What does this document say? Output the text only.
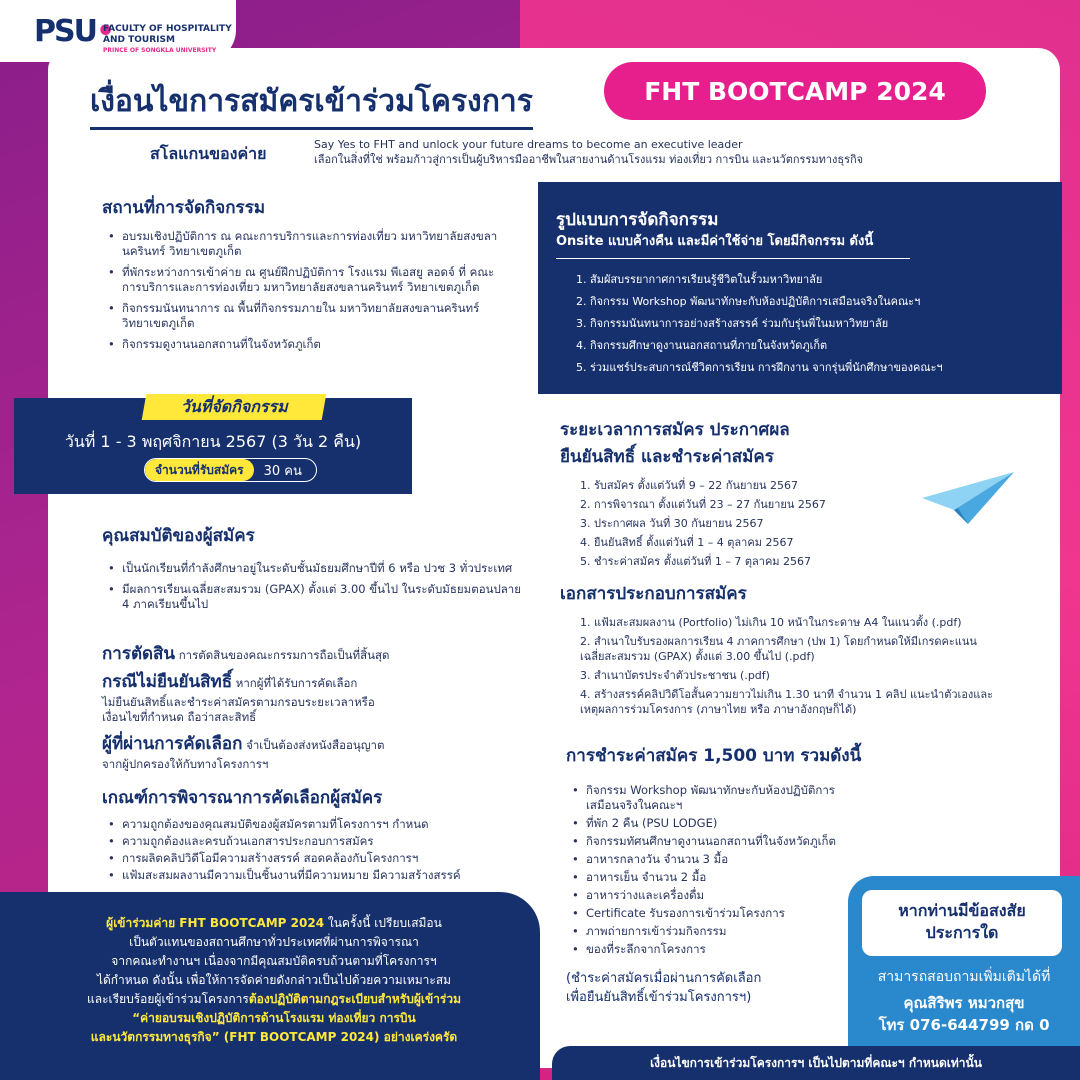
PSU•
FACULTY OF HOSPITALITY
AND TOURISM
PRINCE OF SONGKLA UNIVERSITY
เงื่อนไขการสมัครเข้าร่วมโครงการ	FHT BOOTCAMP 2024
สโลแกนของค่าย	Say Yes to FHT and unlock your future dreams to become an executive leader
เลือกในสิ่งที่ใช่ พร้อมก้าวสู่การเป็นผู้บริหารมืออาชีพในสายงานด้านโรงแรม ท่องเที่ยว การบิน และนวัตกรรมทางธุรกิจ
สถานที่การจัดกิจกรรม
• อบรมเชิงปฏิบัติการ ณ คณะการบริการและการท่องเที่ยว มหาวิทยาลัยสงขลานครินทร์ วิทยาเขตภูเก็ต
• ที่พักระหว่างการเข้าค่าย ณ ศูนย์ฝึกปฏิบัติการ โรงแรม พีเอสยู ลอดจ์ ที่ คณะการบริการและการท่องเที่ยว มหาวิทยาลัยสงขลานครินทร์ วิทยาเขตภูเก็ต
• กิจกรรมนันทนาการ ณ พื้นที่กิจกรรมภายใน มหาวิทยาลัยสงขลานครินทร์ วิทยาเขตภูเก็ต
• กิจกรรมดูงานนอกสถานที่ในจังหวัดภูเก็ต
รูปแบบการจัดกิจกรรม
Onsite แบบค้างคืน และมีค่าใช้จ่าย โดยมีกิจกรรม ดังนี้
1. สัมผัสบรรยากาศการเรียนรู้ชีวิตในรั้วมหาวิทยาลัย
2. กิจกรรม Workshop พัฒนาทักษะกับห้องปฏิบัติการเสมือนจริงในคณะฯ
3. กิจกรรมนันทนาการอย่างสร้างสรรค์ ร่วมกับรุ่นพี่ในมหาวิทยาลัย
4. กิจกรรมศึกษาดูงานนอกสถานที่ภายในจังหวัดภูเก็ต
5. ร่วมแชร์ประสบการณ์ชีวิตการเรียน การฝึกงาน จากรุ่นพี่นักศึกษาของคณะฯ
วันที่จัดกิจกรรม
วันที่ 1 - 3 พฤศจิกายน 2567 (3 วัน 2 คืน)
จำนวนที่รับสมัคร	30 คน
ระยะเวลาการสมัคร ประกาศผล
ยืนยันสิทธิ์ และชำระค่าสมัคร
1. รับสมัคร ตั้งแต่วันที่ 9 – 22 กันยายน 2567
2. การพิจารณา ตั้งแต่วันที่ 23 – 27 กันยายน 2567
3. ประกาศผล วันที่ 30 กันยายน 2567
4. ยืนยันสิทธิ์ ตั้งแต่วันที่ 1 – 4 ตุลาคม 2567
5. ชำระค่าสมัคร ตั้งแต่วันที่ 1 – 7 ตุลาคม 2567
คุณสมบัติของผู้สมัคร
• เป็นนักเรียนที่กำลังศึกษาอยู่ในระดับชั้นมัธยมศึกษาปีที่ 6 หรือ ปวช 3 ทั่วประเทศ
• มีผลการเรียนเฉลี่ยสะสมรวม (GPAX) ตั้งแต่ 3.00 ขึ้นไป ในระดับมัธยมตอนปลาย 4 ภาคเรียนขึ้นไป
การตัดสิน การตัดสินของคณะกรรมการถือเป็นที่สิ้นสุด
กรณีไม่ยืนยันสิทธิ์ หากผู้ที่ได้รับการคัดเลือก
ไม่ยืนยันสิทธิ์และชำระค่าสมัครตามกรอบระยะเวลาหรือ
เงื่อนไขที่กำหนด ถือว่าสละสิทธิ์
ผู้ที่ผ่านการคัดเลือก จำเป็นต้องส่งหนังสืออนุญาต
จากผู้ปกครองให้กับทางโครงการฯ
เกณฑ์การพิจารณาการคัดเลือกผู้สมัคร
• ความถูกต้องของคุณสมบัติของผู้สมัครตามที่โครงการฯ กำหนด
• ความถูกต้องและครบถ้วนเอกสารประกอบการสมัคร
• การผลิตคลิปวิดีโอมีความสร้างสรรค์ สอดคล้องกับโครงการฯ
• แฟ้มสะสมผลงานมีความเป็นชิ้นงานที่มีความหมาย มีความสร้างสรรค์
เอกสารประกอบการสมัคร
1. แฟ้มสะสมผลงาน (Portfolio) ไม่เกิน 10 หน้าในกระดาษ A4 ในแนวตั้ง (.pdf)
2. สำเนาใบรับรองผลการเรียน 4 ภาคการศึกษา (ปพ 1) โดยกำหนดให้มีเกรดคะแนนเฉลี่ยสะสมรวม (GPAX) ตั้งแต่ 3.00 ขึ้นไป (.pdf)
3. สำเนาบัตรประจำตัวประชาชน (.pdf)
4. สร้างสรรค์คลิปวิดีโอสั้นความยาวไม่เกิน 1.30 นาที จำนวน 1 คลิป แนะนำตัวเองและเหตุผลการร่วมโครงการ (ภาษาไทย หรือ ภาษาอังกฤษก็ได้)
การชำระค่าสมัคร 1,500 บาท รวมดังนี้
• กิจกรรม Workshop พัฒนาทักษะกับห้องปฏิบัติการเสมือนจริงในคณะฯ
• ที่พัก 2 คืน (PSU LODGE)
• กิจกรรมทัศนศึกษาดูงานนอกสถานที่ในจังหวัดภูเก็ต
• อาหารกลางวัน จำนวน 3 มื้อ
• อาหารเย็น จำนวน 2 มื้อ
• อาหารว่างและเครื่องดื่ม
• Certificate รับรองการเข้าร่วมโครงการ
• ภาพถ่ายการเข้าร่วมกิจกรรม
• ของที่ระลึกจากโครงการ
(ชำระค่าสมัครเมื่อผ่านการคัดเลือก
เพื่อยืนยันสิทธิ์เข้าร่วมโครงการฯ)
ผู้เข้าร่วมค่าย FHT BOOTCAMP 2024 ในครั้งนี้ เปรียบเสมือน
เป็นตัวแทนของสถานศึกษาทั่วประเทศที่ผ่านการพิจารณา
จากคณะทำงานฯ เนื่องจากมีคุณสมบัติครบถ้วนตามที่โครงการฯ
ได้กำหนด ดังนั้น เพื่อให้การจัดค่ายดังกล่าวเป็นไปด้วยความเหมาะสม
และเรียบร้อยผู้เข้าร่วมโครงการต้องปฏิบัติตามกฎระเบียบสำหรับผู้เข้าร่วม
“ค่ายอบรมเชิงปฏิบัติการด้านโรงแรม ท่องเที่ยว การบิน
และนวัตกรรมทางธุรกิจ” (FHT BOOTCAMP 2024) อย่างเคร่งครัด
หากท่านมีข้อสงสัย
ประการใด
สามารถสอบถามเพิ่มเติมได้ที่
คุณสิริพร หมวกสุข
โทร 076-644799 กด 0
เงื่อนไขการเข้าร่วมโครงการฯ เป็นไปตามที่คณะฯ กำหนดเท่านั้น
